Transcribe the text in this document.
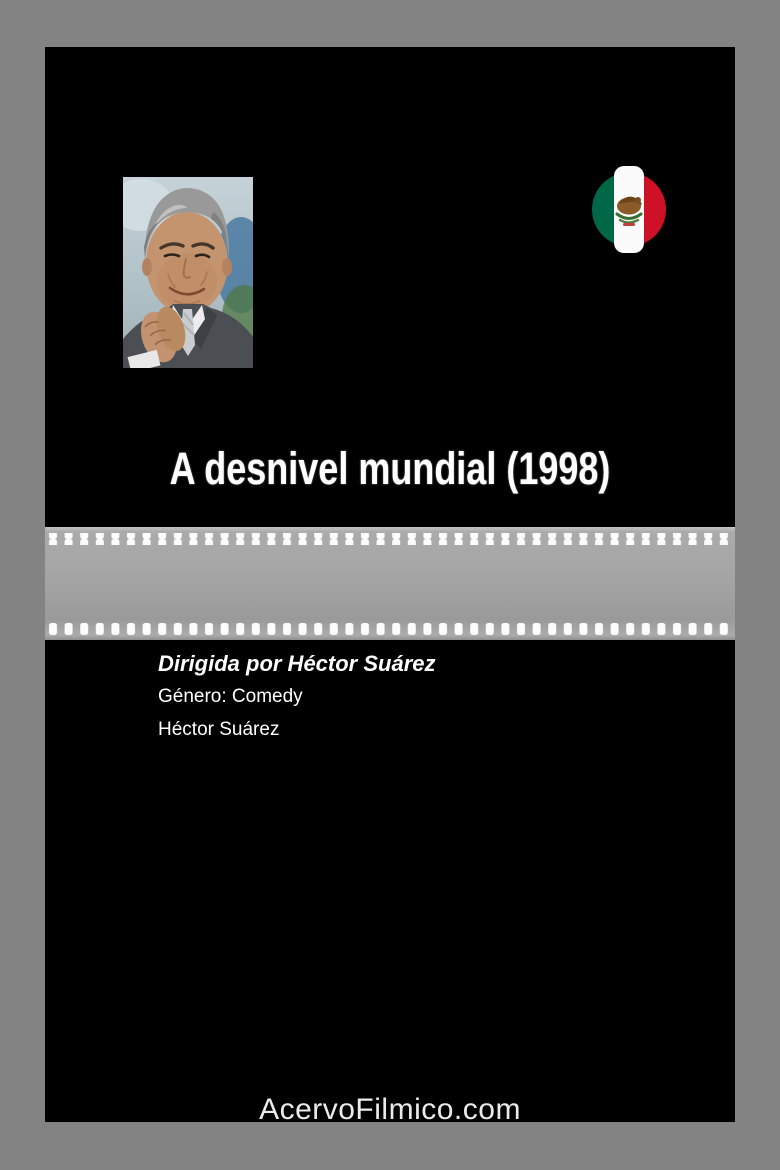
A desnivel mundial (1998)

Dirigida por Héctor Suárez

Género: Comedy

Héctor Suárez

AcervoFilmico.com
